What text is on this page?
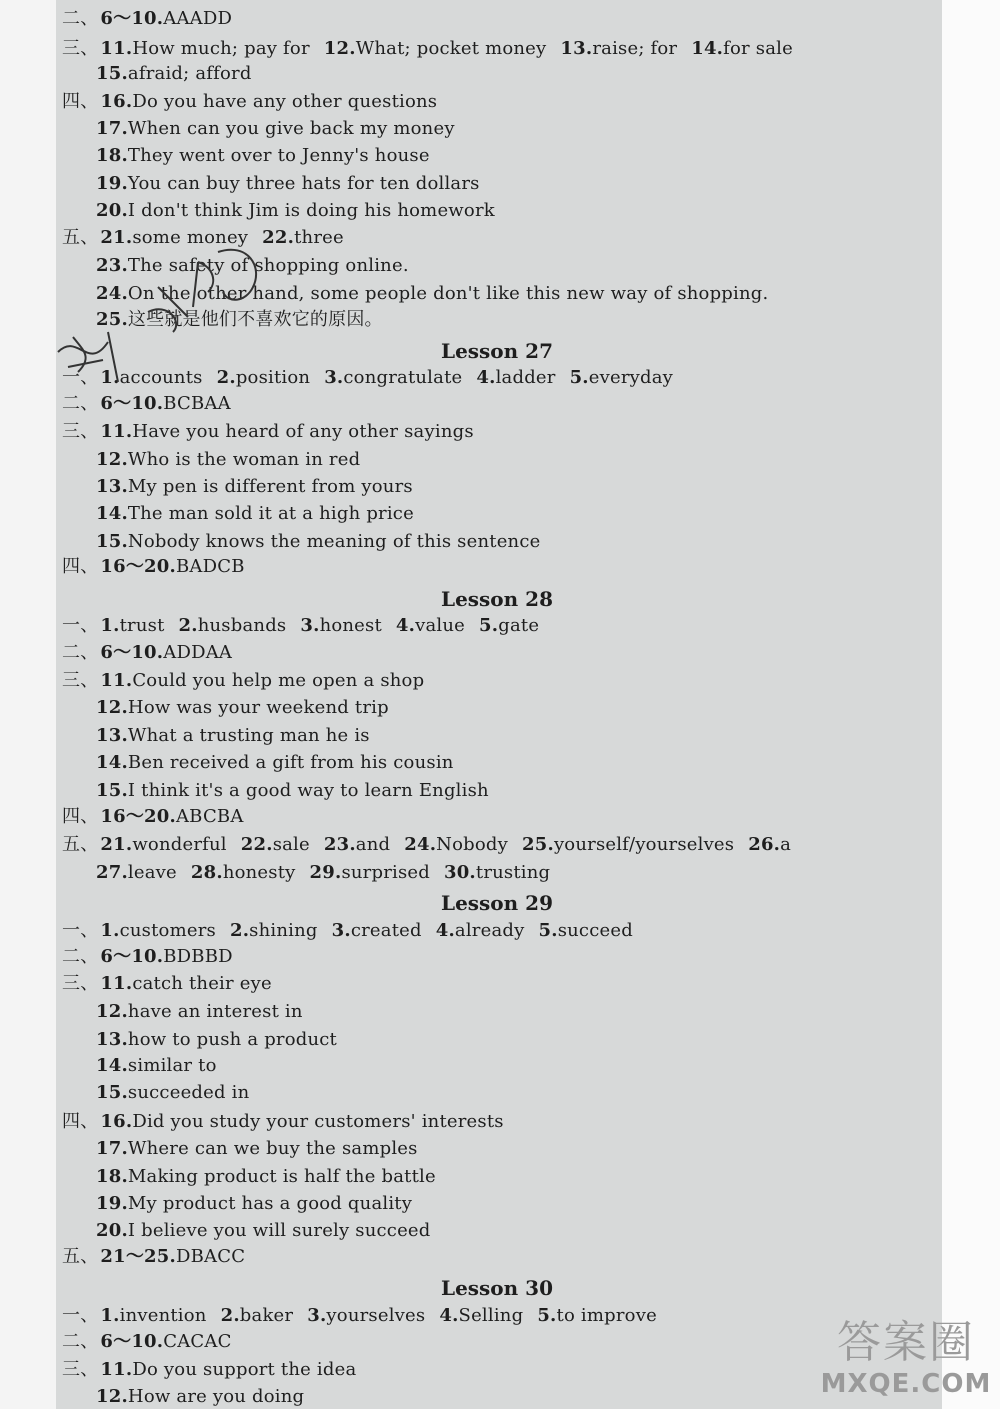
二、 6～10.AAADD
三、 11.How much; pay for 12.What; pocket money 13.raise; for 14.for sale
15.afraid; afford
四、 16.Do you have any other questions
17.When can you give back my money
18.They went over to Jenny's house
19.You can buy three hats for ten dollars
20.I don't think Jim is doing his homework
五、 21.some money 22.three
23.The safety of shopping online.
24.On the other hand, some people don't like this new way of shopping.
25.这些就是他们不喜欢它的原因。
一、 1.accounts 2.position 3.congratulate 4.ladder 5.everyday
二、 6～10.BCBAA
三、 11.Have you heard of any other sayings
12.Who is the woman in red
13.My pen is different from yours
14.The man sold it at a high price
15.Nobody knows the meaning of this sentence
四、 16～20.BADCB
一、 1.trust 2.husbands 3.honest 4.value 5.gate
二、 6～10.ADDAA
三、 11.Could you help me open a shop
12.How was your weekend trip
13.What a trusting man he is
14.Ben received a gift from his cousin
15.I think it's a good way to learn English
四、 16～20.ABCBA
五、 21.wonderful 22.sale 23.and 24.Nobody 25.yourself/yourselves 26.a
27.leave 28.honesty 29.surprised 30.trusting
一、 1.customers 2.shining 3.created 4.already 5.succeed
二、 6～10.BDBBD
三、 11.catch their eye
12.have an interest in
13.how to push a product
14.similar to
15.succeeded in
四、 16.Did you study your customers' interests
17.Where can we buy the samples
18.Making product is half the battle
19.My product has a good quality
20.I believe you will surely succeed
五、 21～25.DBACC
一、 1.invention 2.baker 3.yourselves 4.Selling 5.to improve
二、 6～10.CACAC
三、 11.Do you support the idea
12.How are you doing
Lesson 27
Lesson 28
Lesson 29
Lesson 30
答案圈
MXQE.COM
